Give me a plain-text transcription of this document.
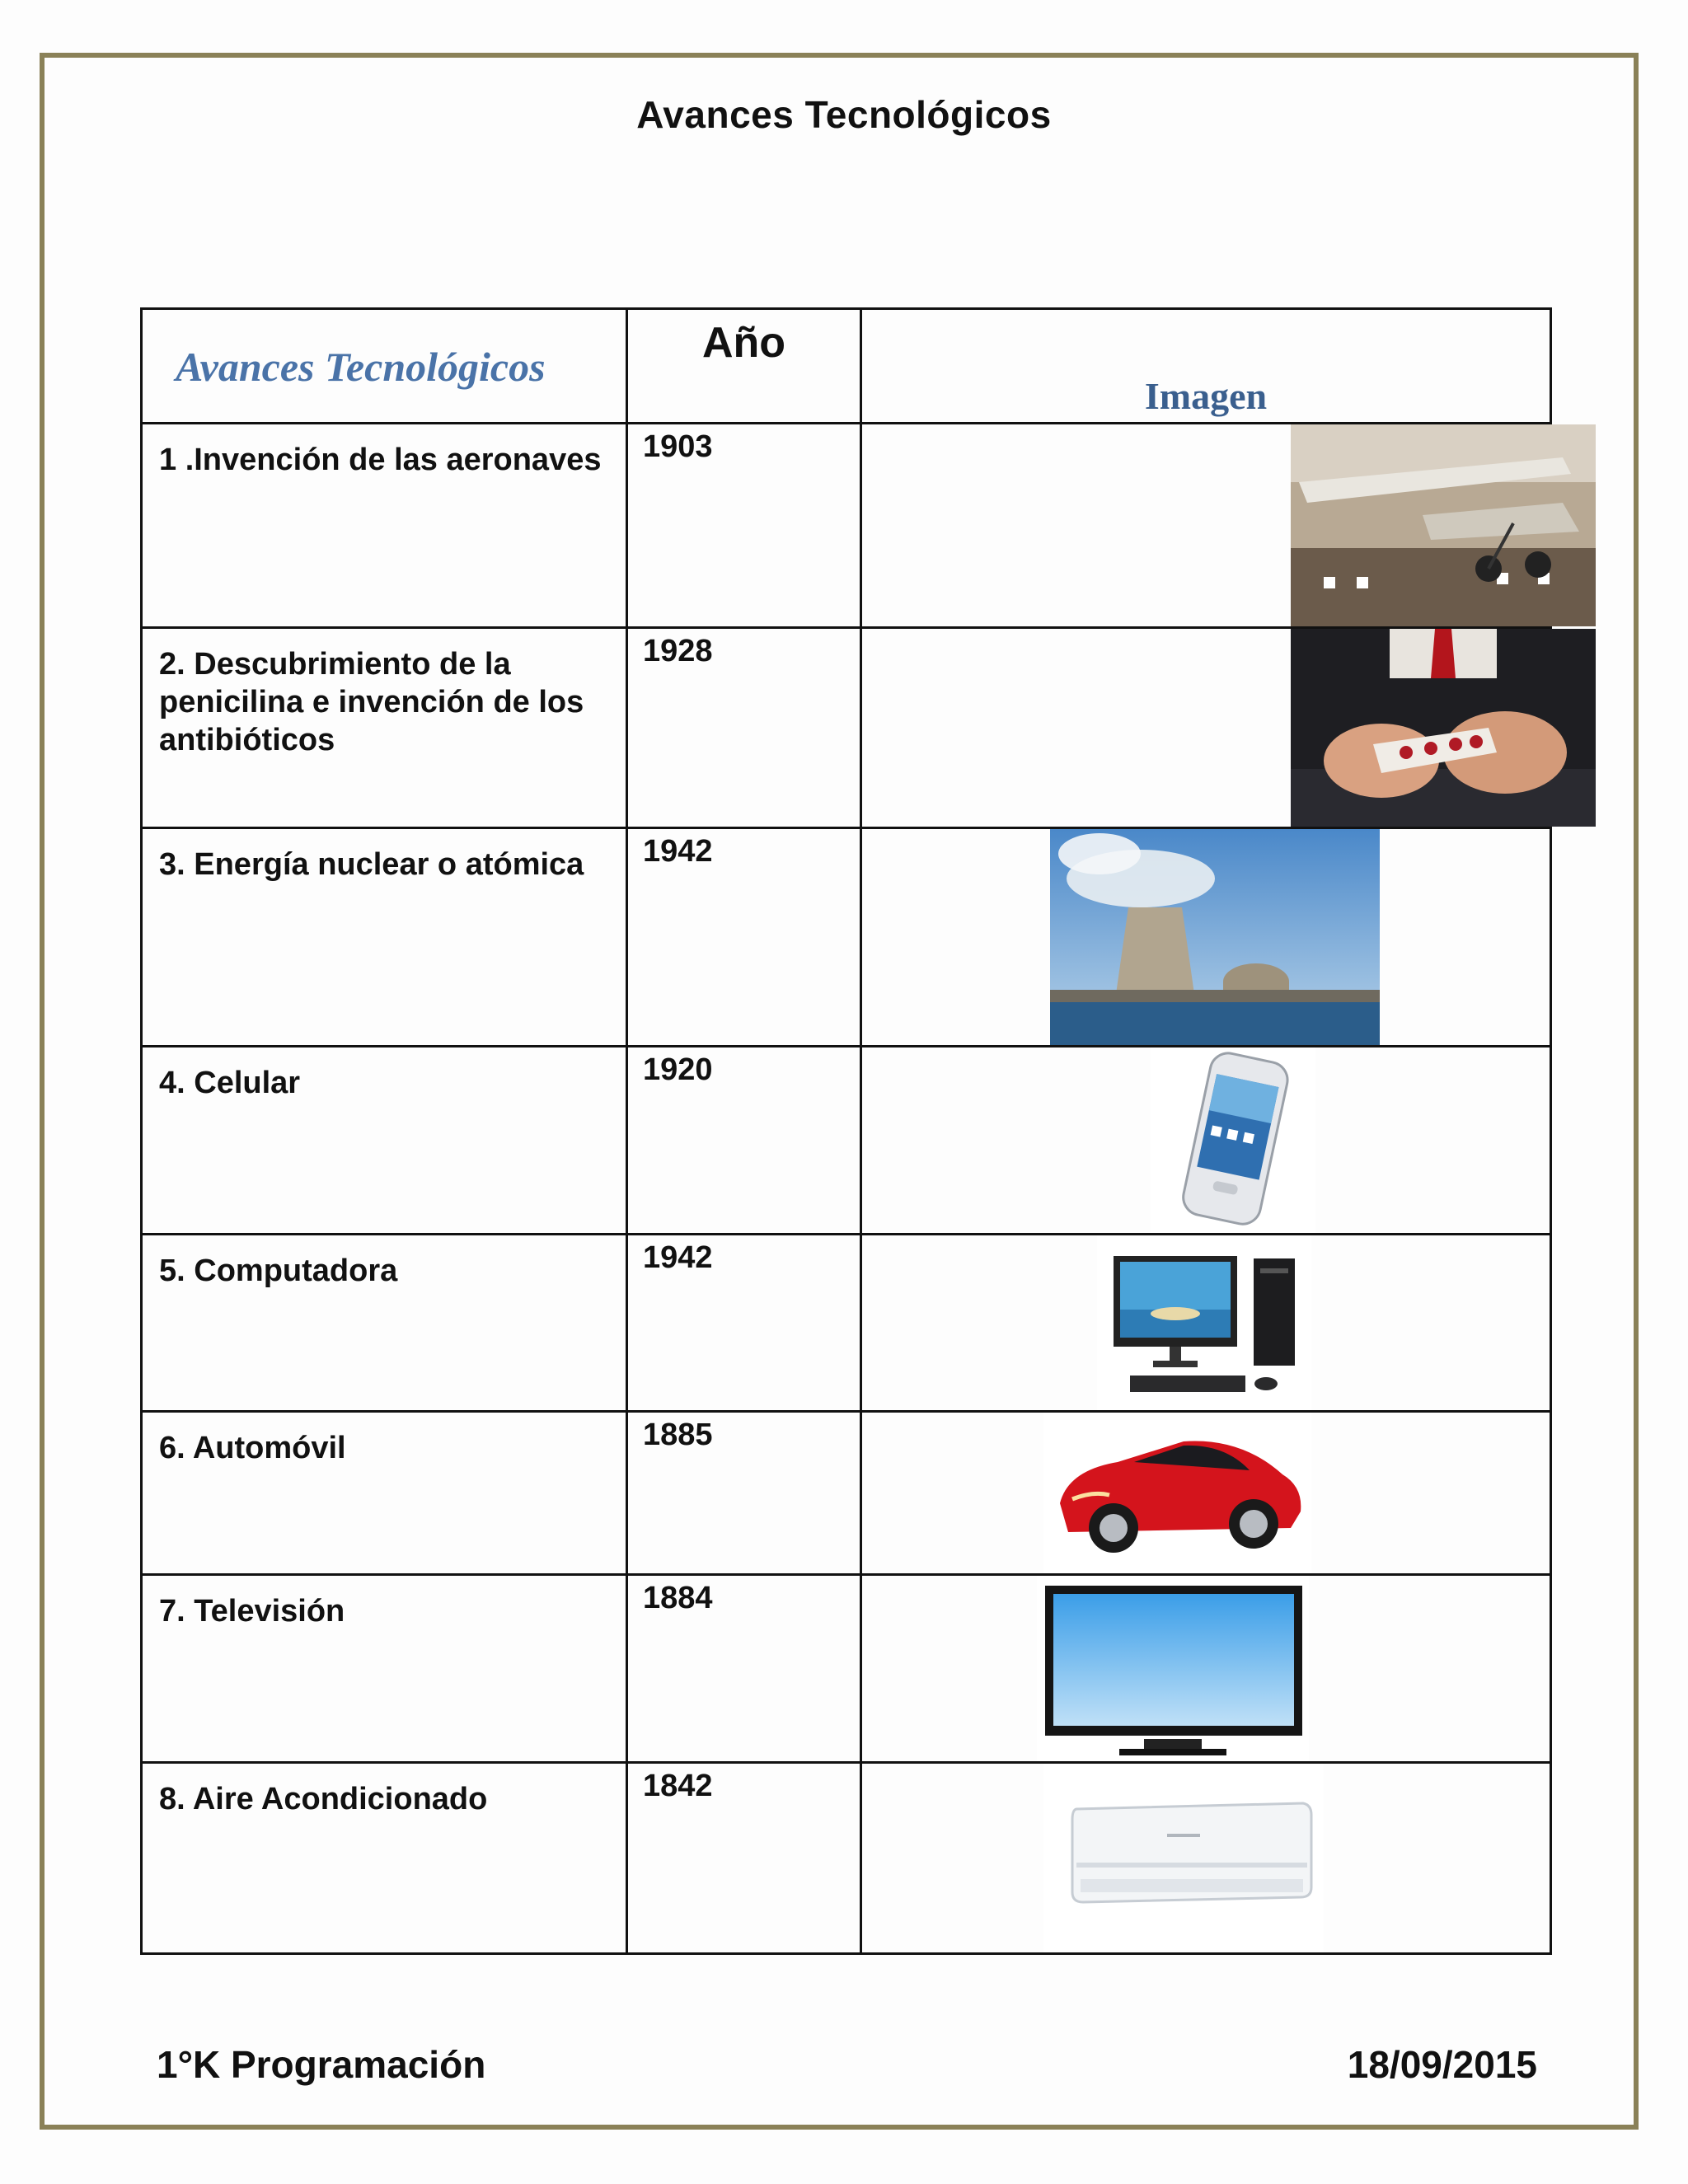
Avances Tecnológicos
Avances Tecnológicos	Año	Imagen

1 .Invención de las aeronaves	1903

2. Descubrimiento de la penicilina e invención de los antibióticos	1928

3. Energía nuclear o atómica	1942

4. Celular	1920

5. Computadora	1942

6. Automóvil	1885

7. Televisión	1884

8. Aire Acondicionado	1842

1°K Programación	18/09/2015
